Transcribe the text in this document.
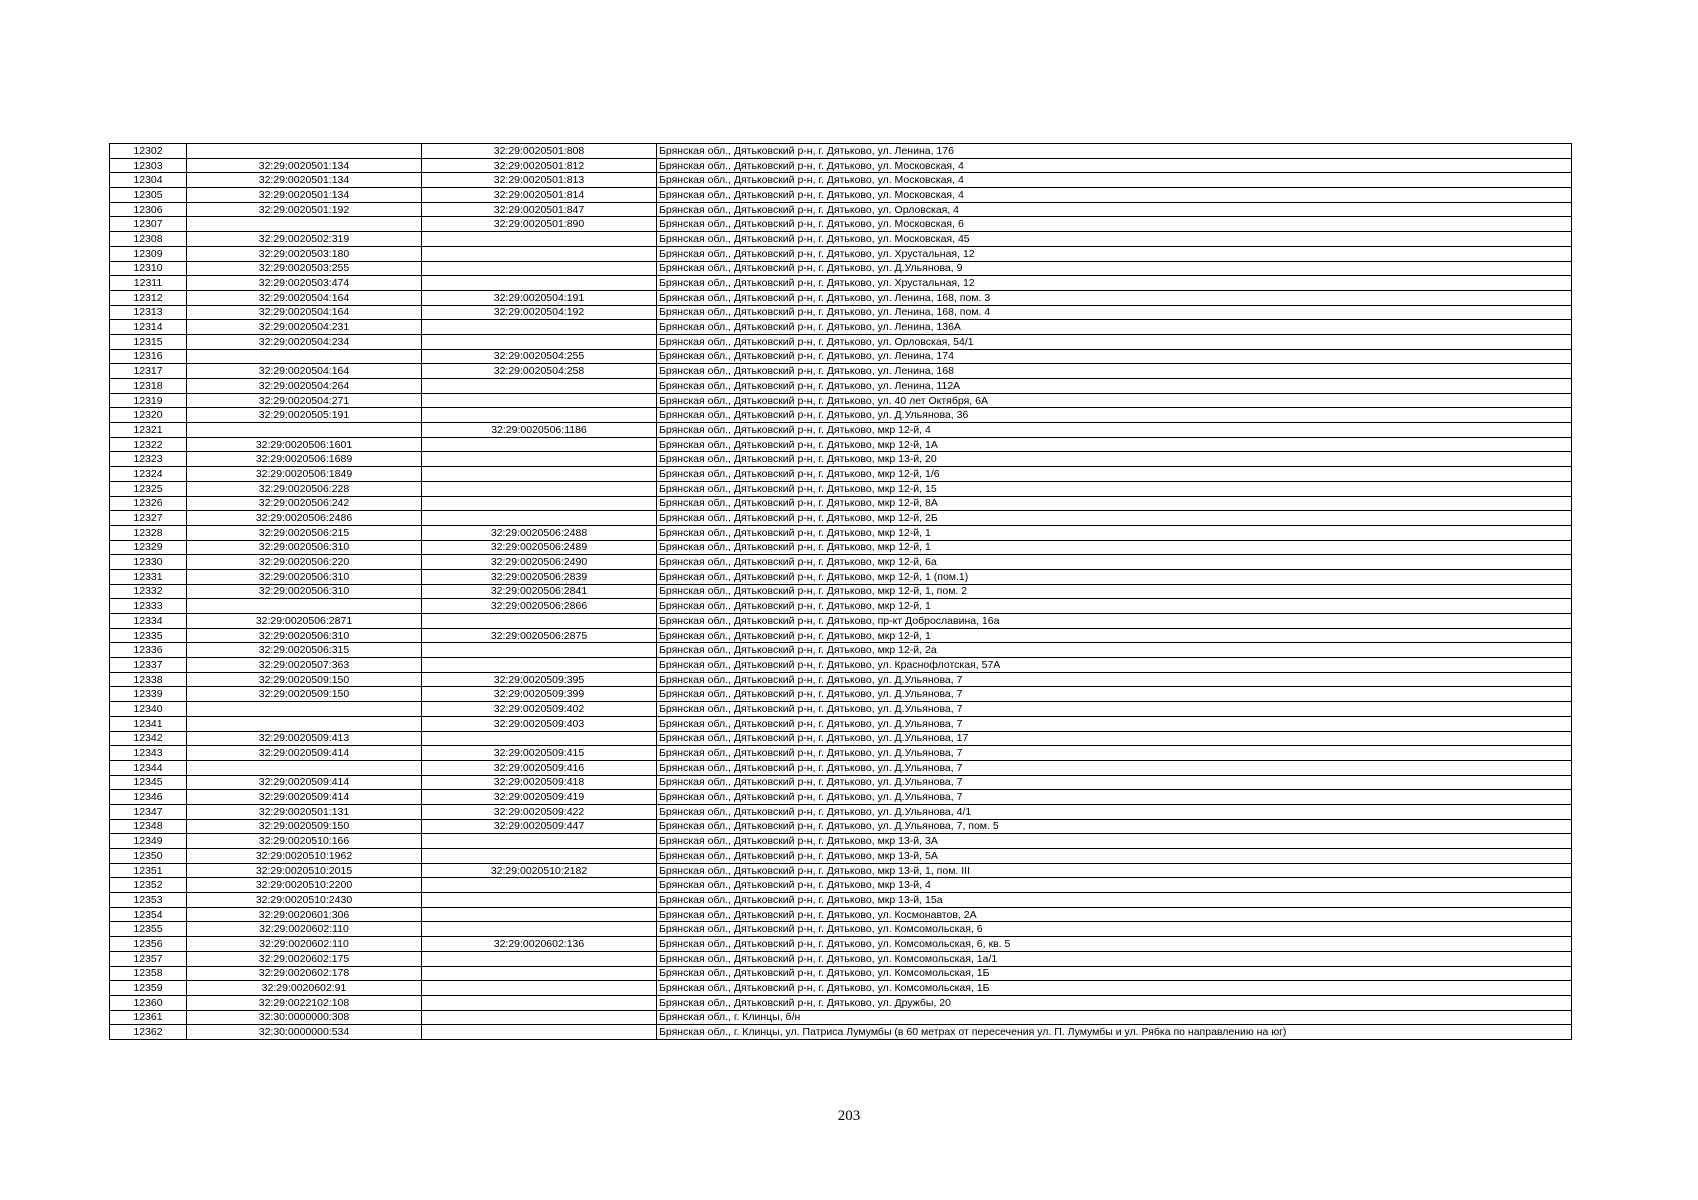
12302		32:29:0020501:808	Брянская обл., Дятьковский р-н, г. Дятьково, ул. Ленина, 176
12303	32:29:0020501:134	32:29:0020501:812	Брянская обл., Дятьковский р-н, г. Дятьково, ул. Московская, 4
12304	32:29:0020501:134	32:29:0020501:813	Брянская обл., Дятьковский р-н, г. Дятьково, ул. Московская, 4
12305	32:29:0020501:134	32:29:0020501:814	Брянская обл., Дятьковский р-н, г. Дятьково, ул. Московская, 4
12306	32:29:0020501:192	32:29:0020501:847	Брянская обл., Дятьковский р-н, г. Дятьково, ул. Орловская, 4
12307		32:29:0020501:890	Брянская обл., Дятьковский р-н, г. Дятьково, ул. Московская, 6
12308	32:29:0020502:319		Брянская обл., Дятьковский р-н, г. Дятьково, ул. Московская, 45
12309	32:29:0020503:180		Брянская обл., Дятьковский р-н, г. Дятьково, ул. Хрустальная, 12
12310	32:29:0020503:255		Брянская обл., Дятьковский р-н, г. Дятьково, ул. Д.Ульянова, 9
12311	32:29:0020503:474		Брянская обл., Дятьковский р-н, г. Дятьково, ул. Хрустальная, 12
12312	32:29:0020504:164	32:29:0020504:191	Брянская обл., Дятьковский р-н, г. Дятьково, ул. Ленина, 168, пом. 3
12313	32:29:0020504:164	32:29:0020504:192	Брянская обл., Дятьковский р-н, г. Дятьково, ул. Ленина, 168, пом. 4
12314	32:29:0020504:231		Брянская обл., Дятьковский р-н, г. Дятьково, ул. Ленина, 136А
12315	32:29:0020504:234		Брянская обл., Дятьковский р-н, г. Дятьково, ул. Орловская, 54/1
12316		32:29:0020504:255	Брянская обл., Дятьковский р-н, г. Дятьково, ул. Ленина, 174
12317	32:29:0020504:164	32:29:0020504:258	Брянская обл., Дятьковский р-н, г. Дятьково, ул. Ленина, 168
12318	32:29:0020504:264		Брянская обл., Дятьковский р-н, г. Дятьково, ул. Ленина, 112А
12319	32:29:0020504:271		Брянская обл., Дятьковский р-н, г. Дятьково, ул. 40 лет Октября, 6А
12320	32:29:0020505:191		Брянская обл., Дятьковский р-н, г. Дятьково, ул. Д.Ульянова, 36
12321		32:29:0020506:1186	Брянская обл., Дятьковский р-н, г. Дятьково, мкр 12-й, 4
12322	32:29:0020506:1601		Брянская обл., Дятьковский р-н, г. Дятьково, мкр 12-й, 1А
12323	32:29:0020506:1689		Брянская обл., Дятьковский р-н, г. Дятьково, мкр 13-й, 20
12324	32:29:0020506:1849		Брянская обл., Дятьковский р-н, г. Дятьково, мкр 12-й, 1/6
12325	32:29:0020506:228		Брянская обл., Дятьковский р-н, г. Дятьково, мкр 12-й, 15
12326	32:29:0020506:242		Брянская обл., Дятьковский р-н, г. Дятьково, мкр 12-й, 8А
12327	32:29:0020506:2486		Брянская обл., Дятьковский р-н, г. Дятьково, мкр 12-й, 2Б
12328	32:29:0020506:215	32:29:0020506:2488	Брянская обл., Дятьковский р-н, г. Дятьково, мкр 12-й, 1
12329	32:29:0020506:310	32:29:0020506:2489	Брянская обл., Дятьковский р-н, г. Дятьково, мкр 12-й, 1
12330	32:29:0020506:220	32:29:0020506:2490	Брянская обл., Дятьковский р-н, г. Дятьково, мкр 12-й, 6а
12331	32:29:0020506:310	32:29:0020506:2839	Брянская обл., Дятьковский р-н, г. Дятьково, мкр 12-й, 1 (пом.1)
12332	32:29:0020506:310	32:29:0020506:2841	Брянская обл., Дятьковский р-н, г. Дятьково, мкр 12-й, 1, пом. 2
12333		32:29:0020506:2866	Брянская обл., Дятьковский р-н, г. Дятьково, мкр 12-й, 1
12334	32:29:0020506:2871		Брянская обл., Дятьковский р-н, г. Дятьково, пр-кт Доброславина, 16а
12335	32:29:0020506:310	32:29:0020506:2875	Брянская обл., Дятьковский р-н, г. Дятьково, мкр 12-й, 1
12336	32:29:0020506:315		Брянская обл., Дятьковский р-н, г. Дятьково, мкр 12-й, 2а
12337	32:29:0020507:363		Брянская обл., Дятьковский р-н, г. Дятьково, ул. Краснофлотская, 57А
12338	32:29:0020509:150	32:29:0020509:395	Брянская обл., Дятьковский р-н, г. Дятьково, ул. Д.Ульянова, 7
12339	32:29:0020509:150	32:29:0020509:399	Брянская обл., Дятьковский р-н, г. Дятьково, ул. Д.Ульянова, 7
12340		32:29:0020509:402	Брянская обл., Дятьковский р-н, г. Дятьково, ул. Д.Ульянова, 7
12341		32:29:0020509:403	Брянская обл., Дятьковский р-н, г. Дятьково, ул. Д.Ульянова, 7
12342	32:29:0020509:413		Брянская обл., Дятьковский р-н, г. Дятьково, ул. Д.Ульянова, 17
12343	32:29:0020509:414	32:29:0020509:415	Брянская обл., Дятьковский р-н, г. Дятьково, ул. Д.Ульянова, 7
12344		32:29:0020509:416	Брянская обл., Дятьковский р-н, г. Дятьково, ул. Д.Ульянова, 7
12345	32:29:0020509:414	32:29:0020509:418	Брянская обл., Дятьковский р-н, г. Дятьково, ул. Д.Ульянова, 7
12346	32:29:0020509:414	32:29:0020509:419	Брянская обл., Дятьковский р-н, г. Дятьково, ул. Д.Ульянова, 7
12347	32:29:0020501:131	32:29:0020509:422	Брянская обл., Дятьковский р-н, г. Дятьково, ул. Д.Ульянова, 4/1
12348	32:29:0020509:150	32:29:0020509:447	Брянская обл., Дятьковский р-н, г. Дятьково, ул. Д.Ульянова, 7, пом. 5
12349	32:29:0020510:166		Брянская обл., Дятьковский р-н, г. Дятьково, мкр 13-й, 3А
12350	32:29:0020510:1962		Брянская обл., Дятьковский р-н, г. Дятьково, мкр 13-й, 5А
12351	32:29:0020510:2015	32:29:0020510:2182	Брянская обл., Дятьковский р-н, г. Дятьково, мкр 13-й, 1, пом. III
12352	32:29:0020510:2200		Брянская обл., Дятьковский р-н, г. Дятьково, мкр 13-й, 4
12353	32:29:0020510:2430		Брянская обл., Дятьковский р-н, г. Дятьково, мкр 13-й, 15а
12354	32:29:0020601:306		Брянская обл., Дятьковский р-н, г. Дятьково, ул. Космонавтов, 2А
12355	32:29:0020602:110		Брянская обл., Дятьковский р-н, г. Дятьково, ул. Комсомольская, 6
12356	32:29:0020602:110	32:29:0020602:136	Брянская обл., Дятьковский р-н, г. Дятьково, ул. Комсомольская, 6, кв. 5
12357	32:29:0020602:175		Брянская обл., Дятьковский р-н, г. Дятьково, ул. Комсомольская, 1а/1
12358	32:29:0020602:178		Брянская обл., Дятьковский р-н, г. Дятьково, ул. Комсомольская, 1Б
12359	32:29:0020602:91		Брянская обл., Дятьковский р-н, г. Дятьково, ул. Комсомольская, 1Б
12360	32:29:0022102:108		Брянская обл., Дятьковский р-н, г. Дятьково, ул. Дружбы, 20
12361	32:30:0000000:308		Брянская обл., г. Клинцы, б/н
12362	32:30:0000000:534		Брянская обл., г. Клинцы, ул. Патриса Лумумбы (в 60 метрах от пересечения ул. П. Лумумбы и ул. Рябка по направлению на юг)
203
